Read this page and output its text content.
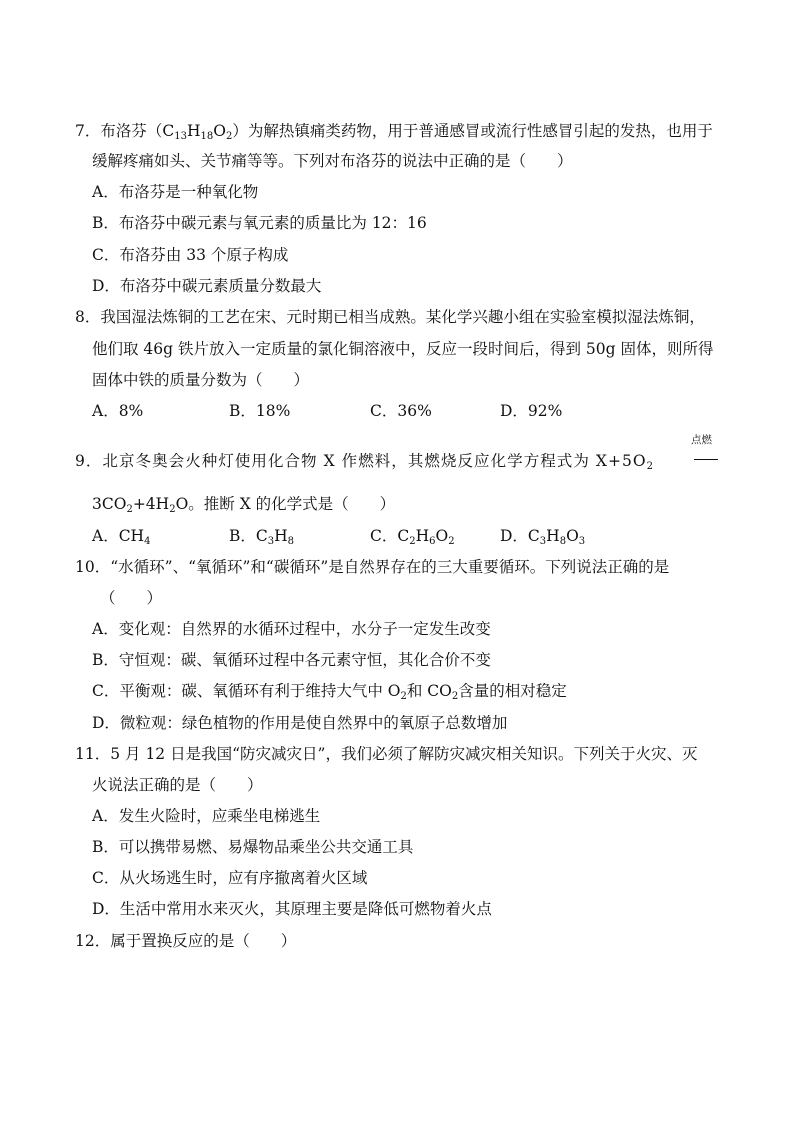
7．布洛芬$(C_{13}H_{18}O_2)$为解热镇痛类药物，用于普通感冒或流行性感冒引起的发热，也用于
缓解疼痛如头、关节痛等等。下列对布洛芬的说法中正确的是（　　）
A．布洛芬是一种氧化物
B．布洛芬中碳元素与氧元素的质量比为 12：16
C．布洛芬由 33 个原子构成
D．布洛芬中碳元素质量分数最大
8．我国湿法炼铜的工艺在宋、元时期已相当成熟。某化学兴趣小组在实验室模拟湿法炼铜，
他们取 46g 铁片放入一定质量的氯化铜溶液中，反应一段时间后，得到 50g 固体，则所得
固体中铁的质量分数为（　　）
A．8%	B．18%	C．36%	D．92%
9．北京冬奥会火种灯使用化合物 X 作燃料，其燃烧反应化学方程式为 $X+5O_2$
点燃
$3CO_2+4H_2O$。推断 X 的化学式是（　　）
A．$CH_4$	B．$C_3H_8$	C．$C_2H_6O_2$	D．$C_3H_8O_3$
10．“水循环”、“氧循环”和“碳循环”是自然界存在的三大重要循环。下列说法正确的是
（　　）
A．变化观：自然界的水循环过程中，水分子一定发生改变
B．守恒观：碳、氧循环过程中各元素守恒，其化合价不变
C．平衡观：碳、氧循环有利于维持大气中 $O_2$和 $CO_2$含量的相对稳定
D．微粒观：绿色植物的作用是使自然界中的氧原子总数增加
11．5 月 12 日是我国“防灾减灾日”，我们必须了解防灾减灾相关知识。下列关于火灾、灭
火说法正确的是（　　）
A．发生火险时，应乘坐电梯逃生
B．可以携带易燃、易爆物品乘坐公共交通工具
C．从火场逃生时，应有序撤离着火区域
D．生活中常用水来灭火，其原理主要是降低可燃物着火点
12．属于置换反应的是（　　）
